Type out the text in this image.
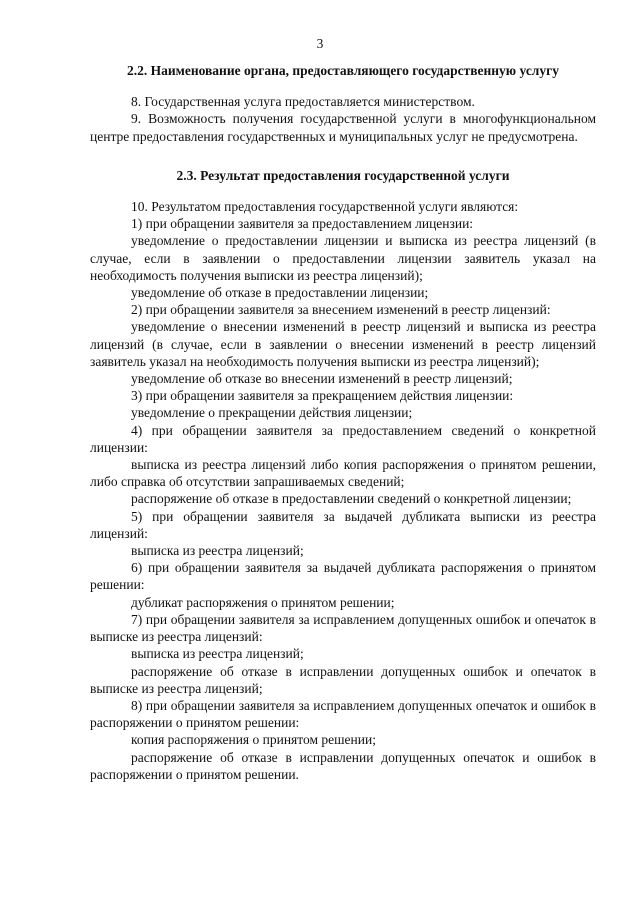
3
2.2. Наименование органа, предоставляющего государственную услугу
8. Государственная услуга предоставляется министерством.
9. Возможность получения государственной услуги в многофункциональном центре предоставления государственных и муниципальных услуг не предусмотрена.
2.3. Результат предоставления государственной услуги
10. Результатом предоставления государственной услуги являются:
1) при обращении заявителя за предоставлением лицензии:
уведомление о предоставлении лицензии и выписка из реестра лицензий (в случае, если в заявлении о предоставлении лицензии заявитель указал на необходимость получения выписки из реестра лицензий);
уведомление об отказе в предоставлении лицензии;
2) при обращении заявителя за внесением изменений в реестр лицензий:
уведомление о внесении изменений в реестр лицензий и выписка из реестра лицензий (в случае, если в заявлении о внесении изменений в реестр лицензий заявитель указал на необходимость получения выписки из реестра лицензий);
уведомление об отказе во внесении изменений в реестр лицензий;
3) при обращении заявителя за прекращением действия лицензии:
уведомление о прекращении действия лицензии;
4) при обращении заявителя за предоставлением сведений о конкретной лицензии:
выписка из реестра лицензий либо копия распоряжения о принятом решении, либо справка об отсутствии запрашиваемых сведений;
распоряжение об отказе в предоставлении сведений о конкретной лицензии;
5) при обращении заявителя за выдачей дубликата выписки из реестра лицензий:
выписка из реестра лицензий;
6) при обращении заявителя за выдачей дубликата распоряжения о принятом решении:
дубликат распоряжения о принятом решении;
7) при обращении заявителя за исправлением допущенных ошибок и опечаток в выписке из реестра лицензий:
выписка из реестра лицензий;
распоряжение об отказе в исправлении допущенных ошибок и опечаток в выписке из реестра лицензий;
8) при обращении заявителя за исправлением допущенных опечаток и ошибок в распоряжении о принятом решении:
копия распоряжения о принятом решении;
распоряжение об отказе в исправлении допущенных опечаток и ошибок в распоряжении о принятом решении.
